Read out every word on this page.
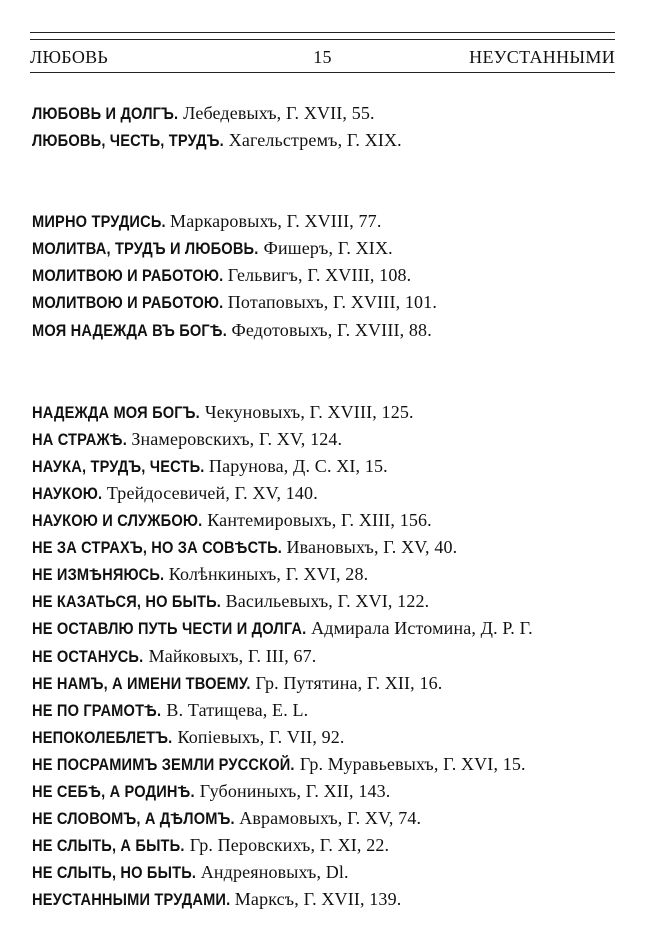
ЛЮБОВЬ	15	НЕУСТАННЫМИ
ЛЮБОВЬ И ДОЛГЪ. Лебедевыхъ, Г. XVII, 55.
ЛЮБОВЬ, ЧЕСТЬ, ТРУДЪ. Хагельстремъ, Г. XIX.
МИРНО ТРУДИСЬ. Маркаровыхъ, Г. XVIII, 77.
МОЛИТВА, ТРУДЪ И ЛЮБОВЬ. Фишеръ, Г. XIX.
МОЛИТВОЮ И РАБОТОЮ. Гельвигъ, Г. XVIII, 108.
МОЛИТВОЮ И РАБОТОЮ. Потаповыхъ, Г. XVIII, 101.
МОЯ НАДЕЖДА ВЪ БОГѢ. Федотовыхъ, Г. XVIII, 88.
НАДЕЖДА МОЯ БОГЪ. Чекуновыхъ, Г. XVIII, 125.
НА СТРАЖѢ. Знамеровскихъ, Г. XV, 124.
НАУКА, ТРУДЪ, ЧЕСТЬ. Парунова, Д. С. XI, 15.
НАУКОЮ. Трейдосевичей, Г. XV, 140.
НАУКОЮ И СЛУЖБОЮ. Кантемировыхъ, Г. XIII, 156.
НЕ ЗА СТРАХЪ, НО ЗА СОВѢСТЬ. Ивановыхъ, Г. XV, 40.
НЕ ИЗМѢНЯЮСЬ. Колѣнкиныхъ, Г. XVI, 28.
НЕ КАЗАТЬСЯ, НО БЫТЬ. Васильевыхъ, Г. XVI, 122.
НЕ ОСТАВЛЮ ПУТЬ ЧЕСТИ И ДОЛГА. Адмирала Истомина, Д. Р. Г.
НЕ ОСТАНУСЬ. Майковыхъ, Г. III, 67.
НЕ НАМЪ, А ИМЕНИ ТВОЕМУ. Гр. Путятина, Г. XII, 16.
НЕ ПО ГРАМОТѢ. В. Татищева, Е. L.
НЕПОКОЛЕБЛЕТЪ. Копіевыхъ, Г. VII, 92.
НЕ ПОСРАМИМЪ ЗЕМЛИ РУССКОЙ. Гр. Муравьевыхъ, Г. XVI, 15.
НЕ СЕБѢ, А РОДИНѢ. Губониныхъ, Г. XII, 143.
НЕ СЛОВОМЪ, А ДѢЛОМЪ. Аврамовыхъ, Г. XV, 74.
НЕ СЛЫТЬ, А БЫТЬ. Гр. Перовскихъ, Г. XI, 22.
НЕ СЛЫТЬ, НО БЫТЬ. Андреяновыхъ, Dl.
НЕУСТАННЫМИ ТРУДАМИ. Марксъ, Г. XVII, 139.
